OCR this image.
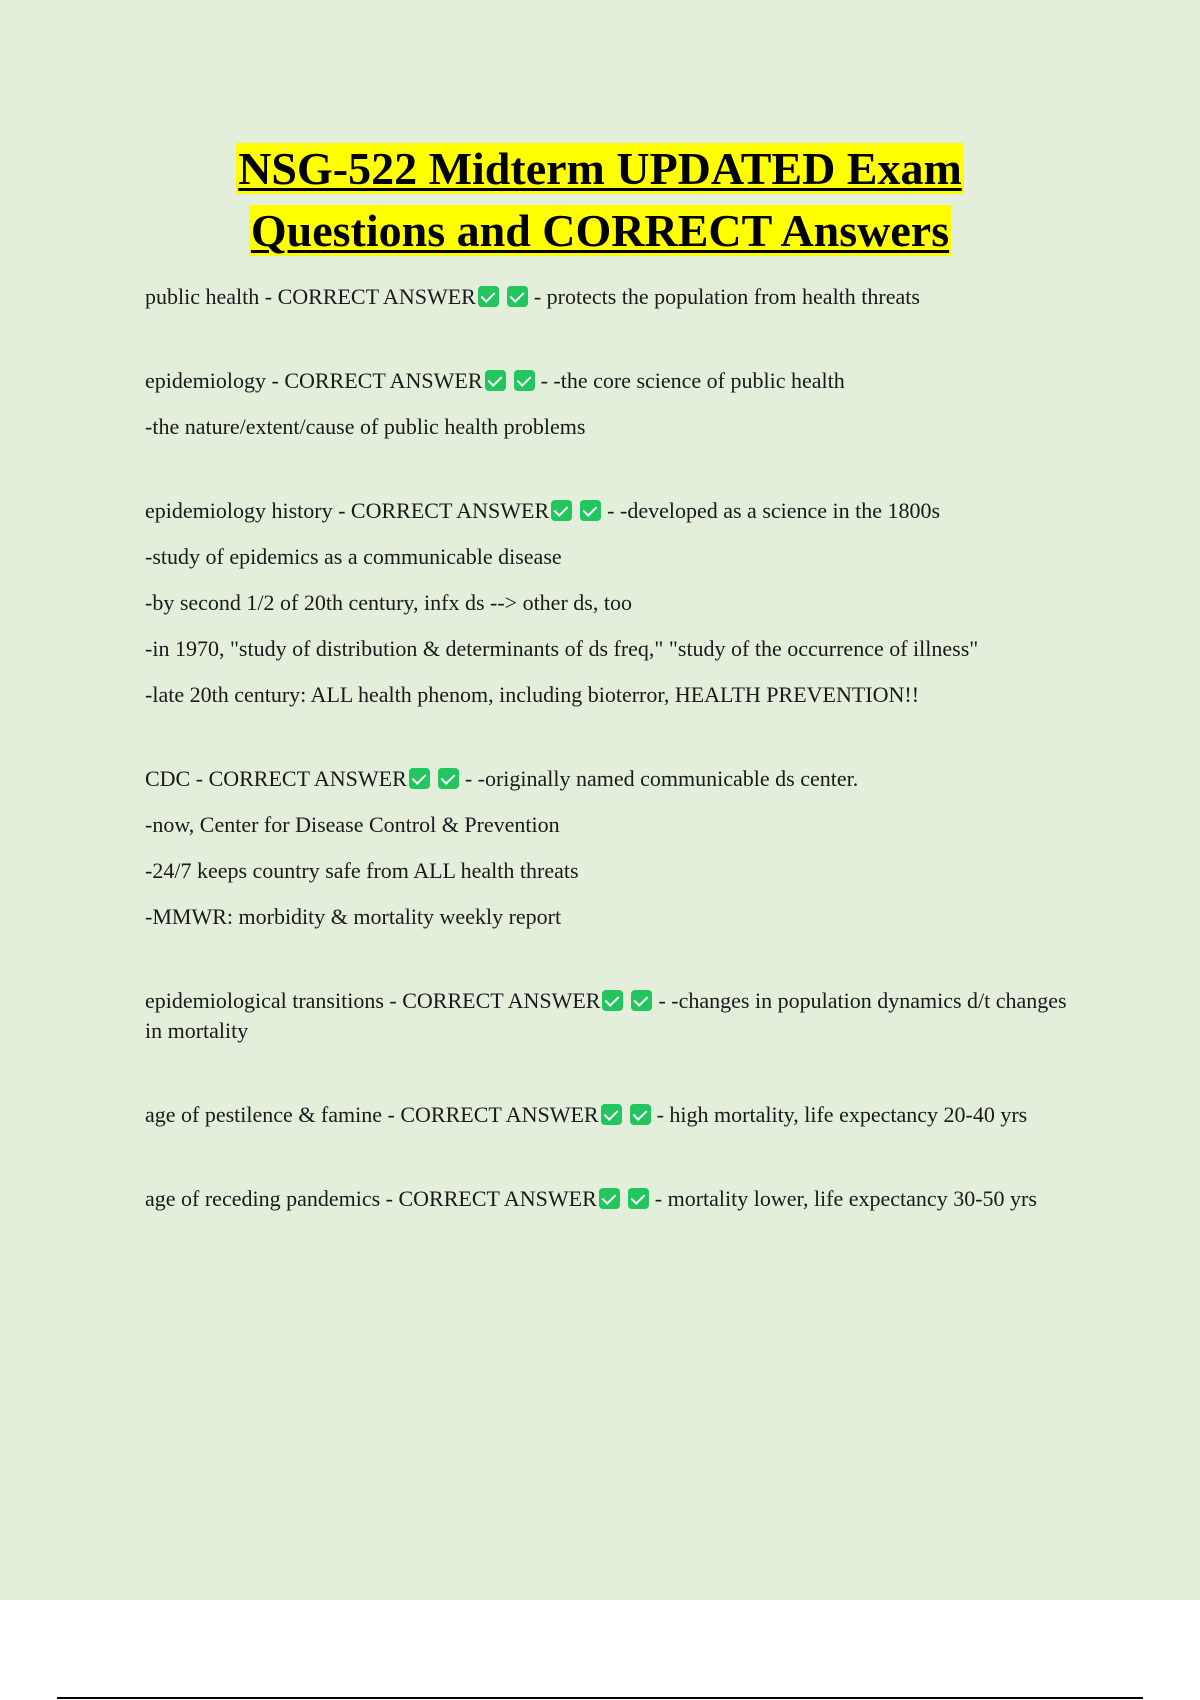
NSG-522 Midterm UPDATED Exam
Questions and CORRECT Answers
public health - CORRECT ANSWER	- protects the population from health threats
epidemiology - CORRECT ANSWER	- -the core science of public health
-the nature/extent/cause of public health problems
epidemiology history - CORRECT ANSWER	- -developed as a science in the 1800s
-study of epidemics as a communicable disease
-by second 1/2 of 20th century, infx ds --> other ds, too
-in 1970, "study of distribution & determinants of ds freq," "study of the occurrence of illness"
-late 20th century: ALL health phenom, including bioterror, HEALTH PREVENTION!!
CDC - CORRECT ANSWER	- -originally named communicable ds center.
-now, Center for Disease Control & Prevention
-24/7 keeps country safe from ALL health threats
-MMWR: morbidity & mortality weekly report
epidemiological transitions - CORRECT ANSWER	- -changes in population dynamics d/t changes in mortality
age of pestilence & famine - CORRECT ANSWER	- high mortality, life expectancy 20-40 yrs
age of receding pandemics - CORRECT ANSWER	- mortality lower, life expectancy 30-50 yrs
